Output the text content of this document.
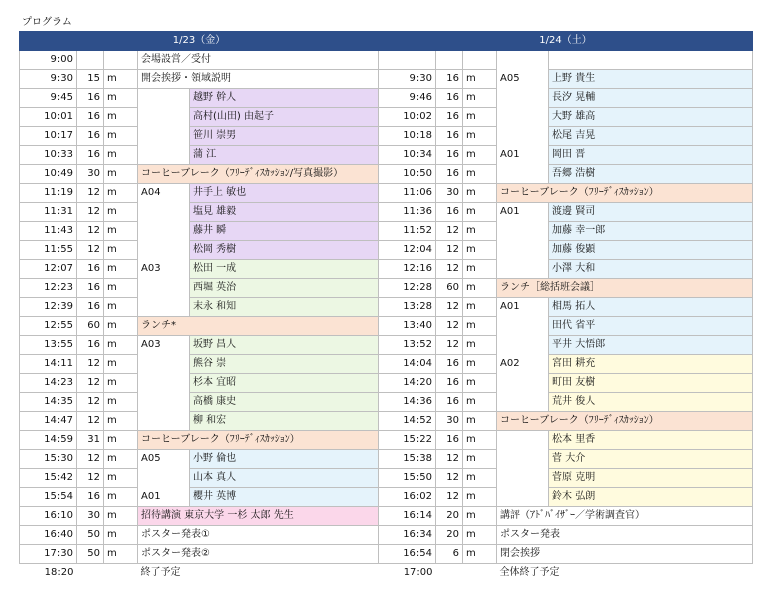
プログラム
1/23（金）					1/24（土）				
9:00			会場設営／受付						
9:30	15	m	開会挨拶・領域説明		9:30	16	m	A05	上野 貴生
9:45	16	m		越野 幹人	9:46	16	m		長汐 晃輔
10:01	16	m		高村(山田) 由起子	10:02	16	m		大野 雄高
10:17	16	m		笹川 崇男	10:18	16	m		松尾 吉晃
10:33	16	m		蒲 江	10:34	16	m	A01	岡田 晋
10:49	30	m	コーヒーブレーク（ﾌﾘｰﾃﾞｨｽｶｯｼｮﾝ/写真撮影）		10:50	16	m		吾郷 浩樹
11:19	12	m	A04	井手上 敏也	11:06	30	m	コーヒーブレーク（ﾌﾘｰﾃﾞｨｽｶｯｼｮﾝ）	
11:31	12	m		塩見 雄毅	11:36	16	m	A01	渡邊 賢司
11:43	12	m		藤井 瞬	11:52	12	m		加藤 幸一郎
11:55	12	m		松岡 秀樹	12:04	12	m		加藤 俊顕
12:07	16	m	A03	松田 一成	12:16	12	m		小澤 大和
12:23	16	m		西堀 英治	12:28	60	m	ランチ［総括班会議］	
12:39	16	m		末永 和知	13:28	12	m	A01	相馬 拓人
12:55	60	m	ランチ*		13:40	12	m		田代 省平
13:55	16	m	A03	坂野 昌人	13:52	12	m		平井 大悟郎
14:11	12	m		熊谷 崇	14:04	16	m	A02	宮田 耕充
14:23	12	m		杉本 宜昭	14:20	16	m		町田 友樹
14:35	12	m		高橋 康史	14:36	16	m		荒井 俊人
14:47	12	m		柳 和宏	14:52	30	m	コーヒーブレーク（ﾌﾘｰﾃﾞｨｽｶｯｼｮﾝ）	
14:59	31	m	コーヒーブレーク（ﾌﾘｰﾃﾞｨｽｶｯｼｮﾝ）		15:22	16	m		松本 里香
15:30	12	m	A05	小野 倫也	15:38	12	m		菅 大介
15:42	12	m		山本 真人	15:50	12	m		菅原 克明
15:54	16	m	A01	櫻井 英博	16:02	12	m		鈴木 弘朗
16:10	30	m	招待講演 東京大学 一杉 太郎 先生		16:14	20	m	講評（ｱﾄﾞﾊﾞｲｻﾞｰ／学術調査官）	
16:40	50	m	ポスター発表①		16:34	20	m	ポスター発表	
17:30	50	m	ポスター発表②		16:54	6	m	閉会挨拶	
18:20			終了予定		17:00			全体終了予定	
